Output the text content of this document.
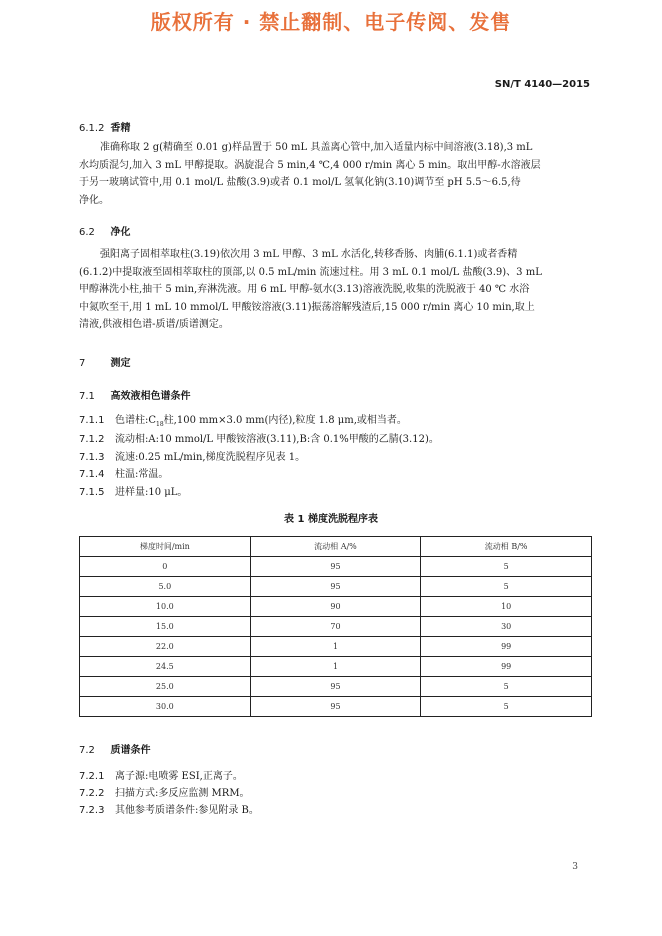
版权所有 · 禁止翻制、电子传阅、发售
SN/T 4140—2015
6.1.2 香精
准确称取 2 g(精确至 0.01 g)样品置于 50 mL 具盖离心管中,加入适量内标中间溶液(3.18),3 mL
水均质混匀,加入 3 mL 甲醇提取。涡旋混合 5 min,4 ℃,4 000 r/min 离心 5 min。取出甲醇-水溶液层
于另一玻璃试管中,用 0.1 mol/L 盐酸(3.9)或者 0.1 mol/L 氢氧化钠(3.10)调节至 pH 5.5～6.5,待
净化。
6.2 净化
强阳离子固相萃取柱(3.19)依次用 3 mL 甲醇、3 mL 水活化,转移香肠、肉脯(6.1.1)或者香精
(6.1.2)中提取液至固相萃取柱的顶部,以 0.5 mL/min 流速过柱。用 3 mL 0.1 mol/L 盐酸(3.9)、3 mL
甲醇淋洗小柱,抽干 5 min,弃淋洗液。用 6 mL 甲醇-氨水(3.13)溶液洗脱,收集的洗脱液于 40 ℃ 水浴
中氮吹至干,用 1 mL 10 mmol/L 甲酸铵溶液(3.11)振荡溶解残渣后,15 000 r/min 离心 10 min,取上
清液,供液相色谱-质谱/质谱测定。
7	测定
7.1 高效液相色谱条件
7.1.1 色谱柱$:C_{18}$柱,100 mm×3.0 mm(内径),粒度 1.8 μm,或相当者。
7.1.2 流动相:A:10 mmol/L 甲酸铵溶液(3.11),B:含 0.1%甲酸的乙腈(3.12)。
7.1.3 流速:0.25 mL/min,梯度洗脱程序见表 1。
7.1.4 柱温:常温。
7.1.5 进样量:10 μL。
表 1 梯度洗脱程序表
梯度时间/min	流动相 A/%	流动相 B/%
0	95	5
5.0	95	5
10.0	90	10
15.0	70	30
22.0	1	99
24.5	1	99
25.0	95	5
30.0	95	5
7.2 质谱条件
7.2.1 离子源:电喷雾 ESI,正离子。
7.2.2 扫描方式:多反应监测 MRM。
7.2.3 其他参考质谱条件:参见附录 B。
3
